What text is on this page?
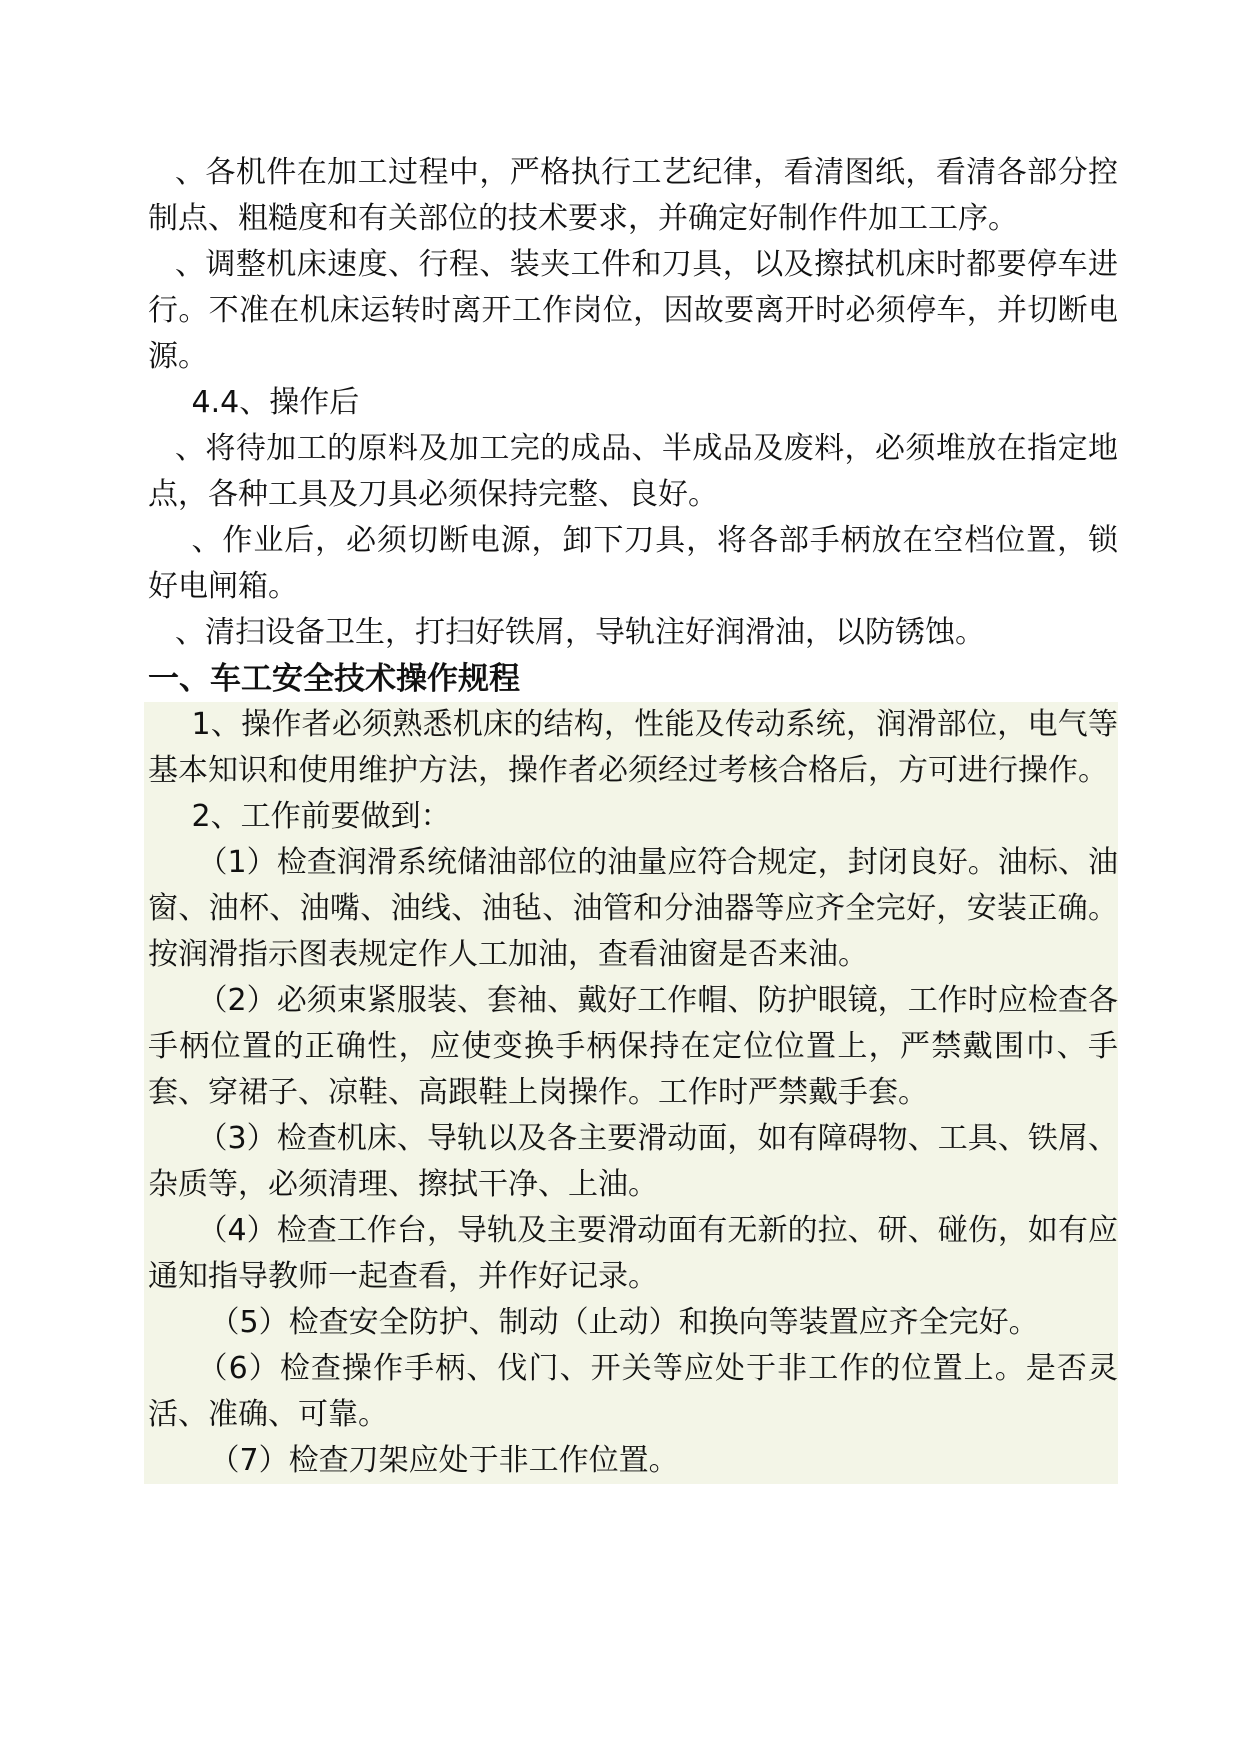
、各机件在加工过程中，严格执行工艺纪律，看清图纸，看清各部分控制点、粗糙度和有关部位的技术要求，并确定好制作件加工工序。

、调整机床速度、行程、装夹工件和刀具，以及擦拭机床时都要停车进行。不准在机床运转时离开工作岗位，因故要离开时必须停车，并切断电源。

4.4、操作后

、将待加工的原料及加工完的成品、半成品及废料，必须堆放在指定地点，各种工具及刀具必须保持完整、良好。

、作业后，必须切断电源，卸下刀具，将各部手柄放在空档位置，锁好电闸箱。

、清扫设备卫生，打扫好铁屑，导轨注好润滑油，以防锈蚀。

一、车工安全技术操作规程

1、操作者必须熟悉机床的结构，性能及传动系统，润滑部位，电气等基本知识和使用维护方法，操作者必须经过考核合格后，方可进行操作。

2、工作前要做到：

（1）检查润滑系统储油部位的油量应符合规定，封闭良好。油标、油窗、油杯、油嘴、油线、油毡、油管和分油器等应齐全完好，安装正确。按润滑指示图表规定作人工加油，查看油窗是否来油。

（2）必须束紧服装、套袖、戴好工作帽、防护眼镜，工作时应检查各手柄位置的正确性，应使变换手柄保持在定位位置上，严禁戴围巾、手套、穿裙子、凉鞋、高跟鞋上岗操作。工作时严禁戴手套。

（3）检查机床、导轨以及各主要滑动面，如有障碍物、工具、铁屑、杂质等，必须清理、擦拭干净、上油。

（4）检查工作台，导轨及主要滑动面有无新的拉、研、碰伤，如有应通知指导教师一起查看，并作好记录。

（5）检查安全防护、制动（止动）和换向等装置应齐全完好。

（6）检查操作手柄、伐门、开关等应处于非工作的位置上。是否灵活、准确、可靠。

（7）检查刀架应处于非工作位置。
